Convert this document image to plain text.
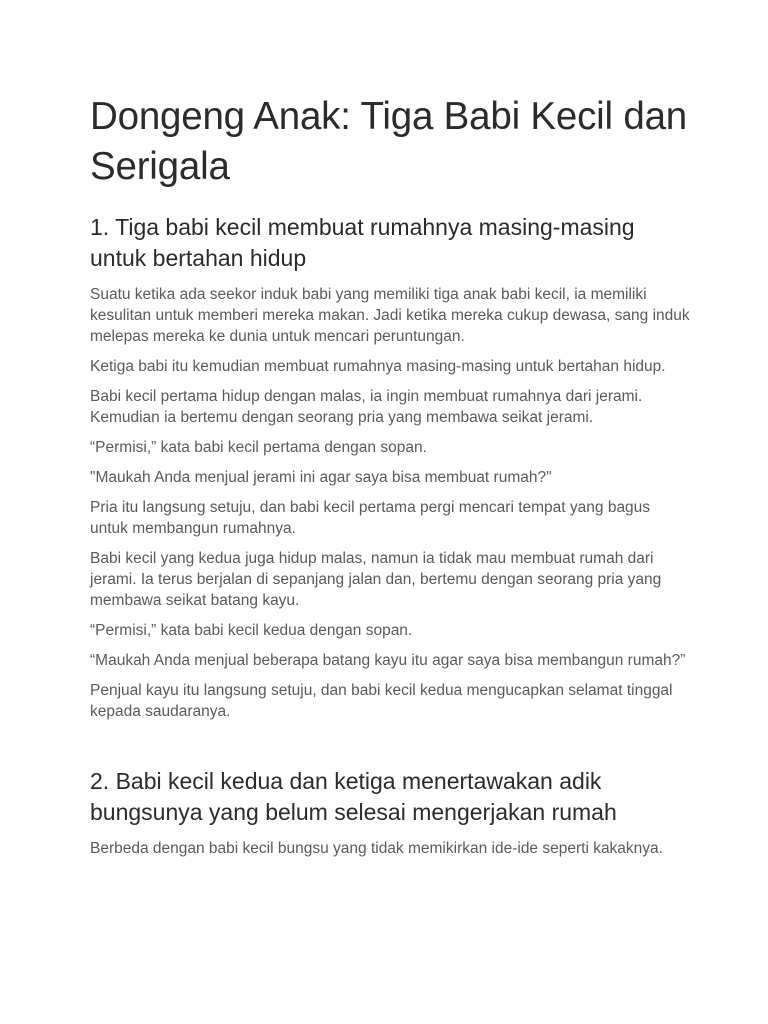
Dongeng Anak: Tiga Babi Kecil dan Serigala
1. Tiga babi kecil membuat rumahnya masing-masing untuk bertahan hidup

Suatu ketika ada seekor induk babi yang memiliki tiga anak babi kecil, ia memiliki kesulitan untuk memberi mereka makan. Jadi ketika mereka cukup dewasa, sang induk melepas mereka ke dunia untuk mencari peruntungan.

Ketiga babi itu kemudian membuat rumahnya masing-masing untuk bertahan hidup.

Babi kecil pertama hidup dengan malas, ia ingin membuat rumahnya dari jerami. Kemudian ia bertemu dengan seorang pria yang membawa seikat jerami.

“Permisi,” kata babi kecil pertama dengan sopan.

"Maukah Anda menjual jerami ini agar saya bisa membuat rumah?"

Pria itu langsung setuju, dan babi kecil pertama pergi mencari tempat yang bagus untuk membangun rumahnya.

Babi kecil yang kedua juga hidup malas, namun ia tidak mau membuat rumah dari jerami. Ia terus berjalan di sepanjang jalan dan, bertemu dengan seorang pria yang membawa seikat batang kayu.

“Permisi,” kata babi kecil kedua dengan sopan.

“Maukah Anda menjual beberapa batang kayu itu agar saya bisa membangun rumah?”

Penjual kayu itu langsung setuju, dan babi kecil kedua mengucapkan selamat tinggal kepada saudaranya.

2. Babi kecil kedua dan ketiga menertawakan adik bungsunya yang belum selesai mengerjakan rumah

Berbeda dengan babi kecil bungsu yang tidak memikirkan ide-ide seperti kakaknya.
